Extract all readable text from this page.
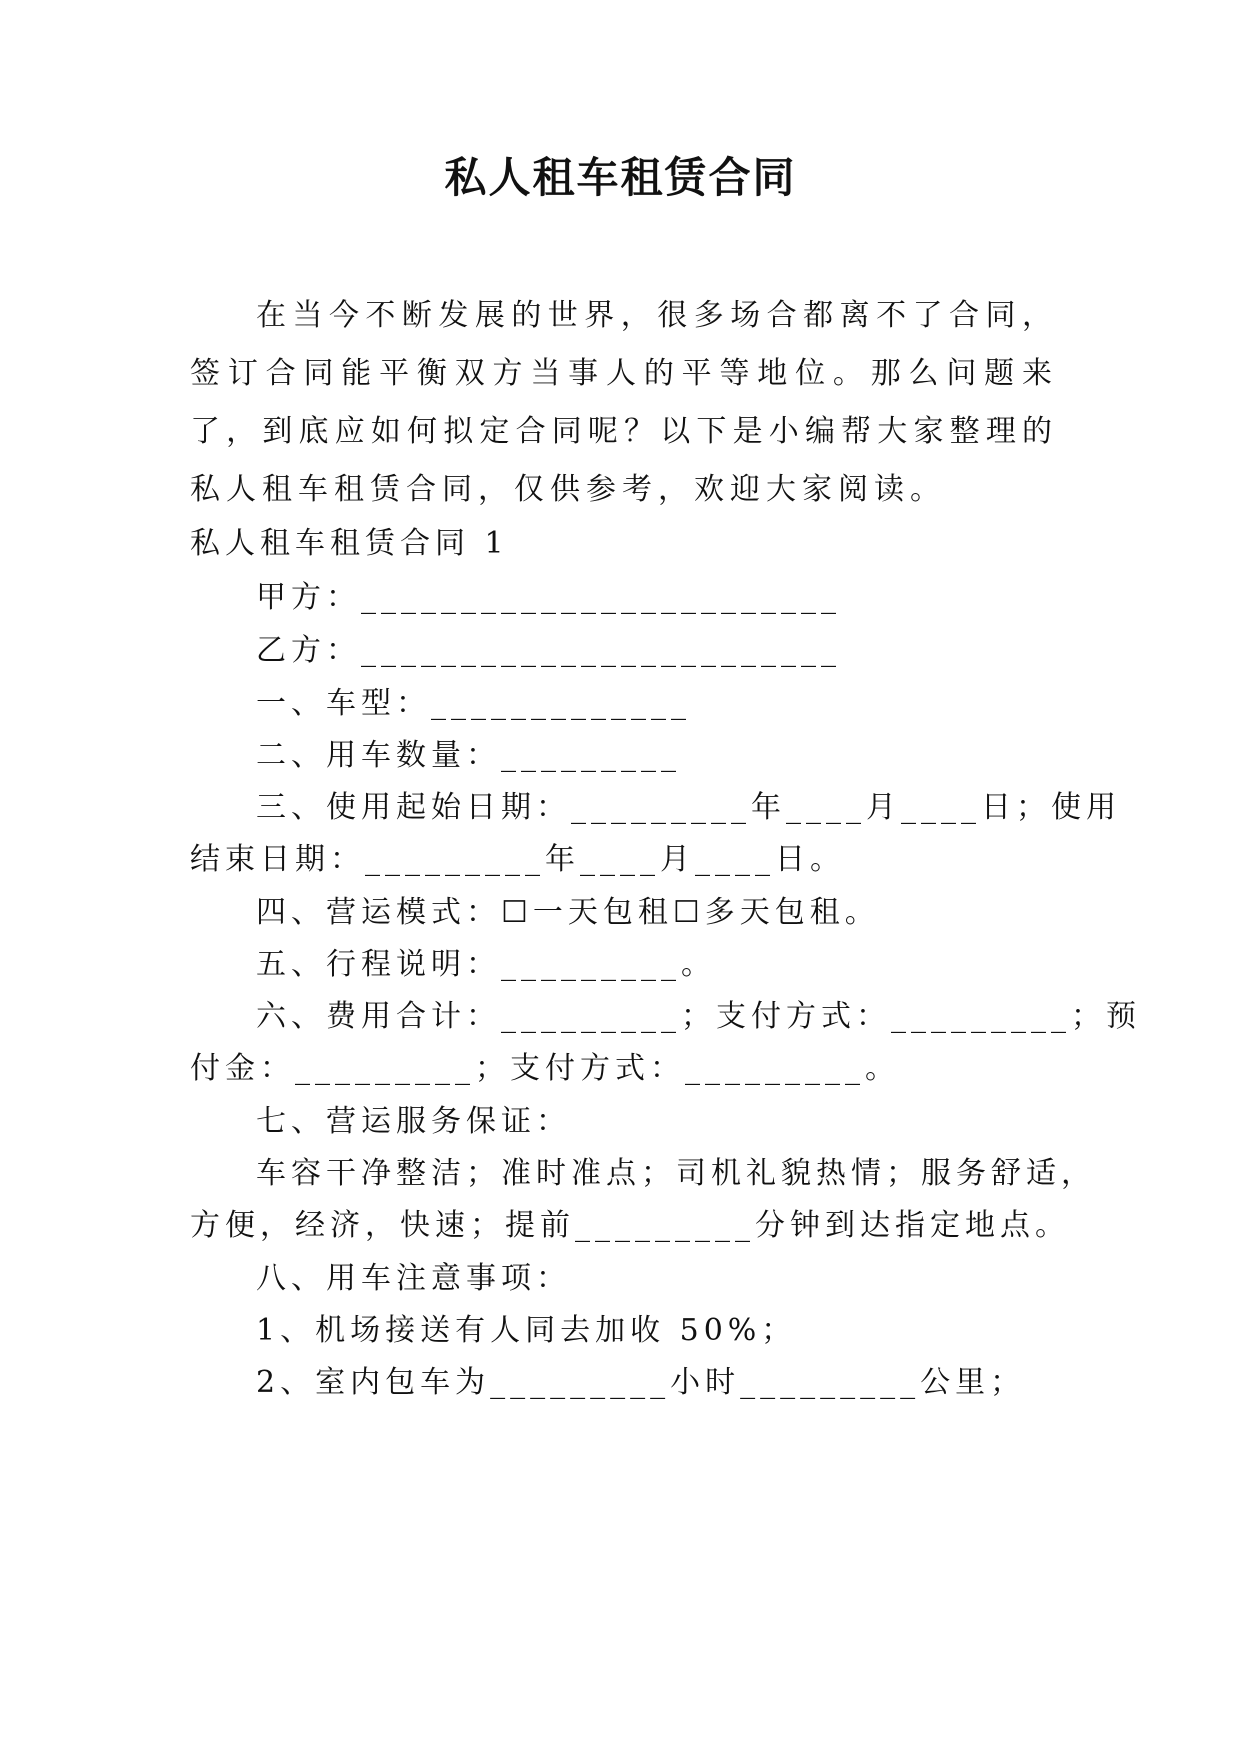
私人租车租赁合同
在当今不断发展的世界，很多场合都离不了合同，签订合同能平衡双方当事人的平等地位。那么问题来了，到底应如何拟定合同呢？以下是小编帮大家整理的私人租车租赁合同，仅供参考，欢迎大家阅读。
私人租车租赁合同 1
甲方：________________________
乙方：________________________
一、车型：_____________
二、用车数量：_________
三、使用起始日期：_________年____月____日；使用
结束日期：_________年____月____日。
四、营运模式：☐一天包租☐多天包租。
五、行程说明：_________。
六、费用合计：_________；支付方式：_________；预
付金：_________；支付方式：_________。
七、营运服务保证：
车容干净整洁；准时准点；司机礼貌热情；服务舒适，
方便，经济，快速；提前_________分钟到达指定地点。
八、用车注意事项：
1、机场接送有人同去加收 50%；
2、室内包车为_________小时_________公里；
